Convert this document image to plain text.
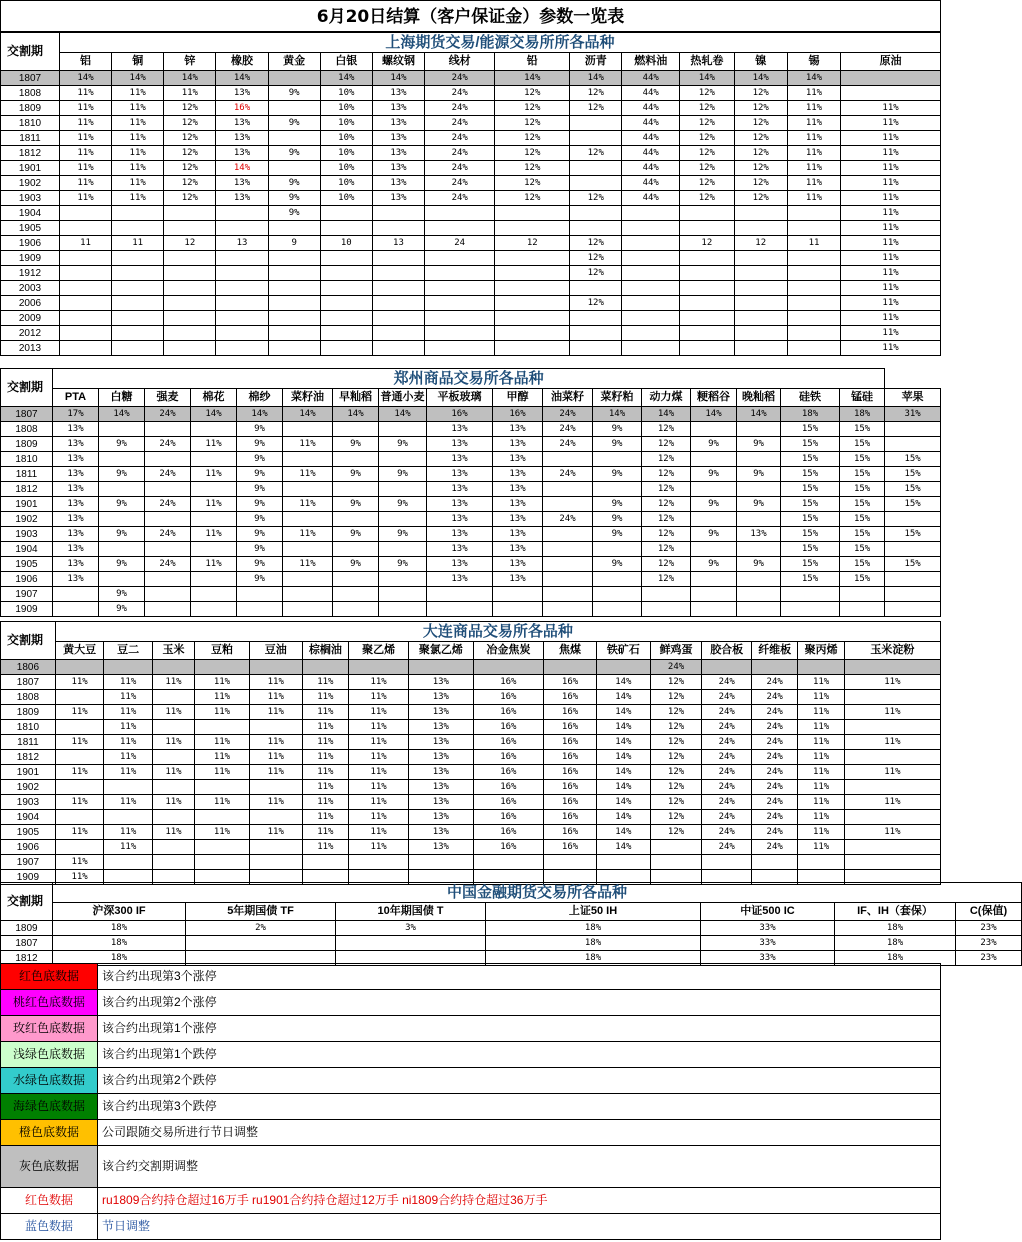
6月20日结算（客户保证金）参数一览表
交割期	上海期货交易/能源交易所所各品种														
	铝	铜	锌	橡胶	黄金	白银	螺纹钢	线材	铅	沥青	燃料油	热轧卷	镍	锡	原油
1807	14%	14%	14%	14%		14%	14%	24%	14%	14%	44%	14%	14%	14%	
1808	11%	11%	11%	13%	9%	10%	13%	24%	12%	12%	44%	12%	12%	11%	
1809	11%	11%	12%	16%		10%	13%	24%	12%	12%	44%	12%	12%	11%	11%
1810	11%	11%	12%	13%	9%	10%	13%	24%	12%		44%	12%	12%	11%	11%
1811	11%	11%	12%	13%		10%	13%	24%	12%		44%	12%	12%	11%	11%
1812	11%	11%	12%	13%	9%	10%	13%	24%	12%	12%	44%	12%	12%	11%	11%
1901	11%	11%	12%	14%		10%	13%	24%	12%		44%	12%	12%	11%	11%
1902	11%	11%	12%	13%	9%	10%	13%	24%	12%		44%	12%	12%	11%	11%
1903	11%	11%	12%	13%	9%	10%	13%	24%	12%	12%	44%	12%	12%	11%	11%
1904					9%										11%
1905															11%
1906	11	11	12	13	9	10	13	24	12	12%		12	12	11	11%
1909										12%					11%
1912										12%					11%
2003															11%
2006										12%					11%
2009															11%
2012															11%
2013															11%
交割期	郑州商品交易所各品种																	
	PTA	白糖	强麦	棉花	棉纱	菜籽油	早籼稻	普通小麦	平板玻璃	甲醇	油菜籽	菜籽粕	动力煤	粳稻谷	晚籼稻	硅铁	锰硅	苹果
1807	17%	14%	24%	14%	14%	14%	14%	14%	16%	16%	24%	14%	14%	14%	14%	18%	18%	31%
1808	13%				9%				13%	13%	24%	9%	12%			15%	15%	
1809	13%	9%	24%	11%	9%	11%	9%	9%	13%	13%	24%	9%	12%	9%	9%	15%	15%	
1810	13%				9%				13%	13%			12%			15%	15%	15%
1811	13%	9%	24%	11%	9%	11%	9%	9%	13%	13%	24%	9%	12%	9%	9%	15%	15%	15%
1812	13%				9%				13%	13%			12%			15%	15%	15%
1901	13%	9%	24%	11%	9%	11%	9%	9%	13%	13%		9%	12%	9%	9%	15%	15%	15%
1902	13%				9%				13%	13%	24%	9%	12%			15%	15%	
1903	13%	9%	24%	11%	9%	11%	9%	9%	13%	13%		9%	12%	9%	13%	15%	15%	15%
1904	13%				9%				13%	13%			12%			15%	15%	
1905	13%	9%	24%	11%	9%	11%	9%	9%	13%	13%		9%	12%	9%	9%	15%	15%	15%
1906	13%				9%				13%	13%			12%			15%	15%	
1907		9%																
1909		9%																
交割期	大连商品交易所各品种															
	黄大豆	豆二	玉米	豆粕	豆油	棕榈油	聚乙烯	聚氯乙烯	冶金焦炭	焦煤	铁矿石	鲜鸡蛋	胶合板	纤维板	聚丙烯	玉米淀粉
1806												24%				
1807	11%	11%	11%	11%	11%	11%	11%	13%	16%	16%	14%	12%	24%	24%	11%	11%
1808		11%		11%	11%	11%	11%	13%	16%	16%	14%	12%	24%	24%	11%	
1809	11%	11%	11%	11%	11%	11%	11%	13%	16%	16%	14%	12%	24%	24%	11%	11%
1810		11%				11%	11%	13%	16%	16%	14%	12%	24%	24%	11%	
1811	11%	11%	11%	11%	11%	11%	11%	13%	16%	16%	14%	12%	24%	24%	11%	11%
1812		11%		11%	11%	11%	11%	13%	16%	16%	14%	12%	24%	24%	11%	
1901	11%	11%	11%	11%	11%	11%	11%	13%	16%	16%	14%	12%	24%	24%	11%	11%
1902						11%	11%	13%	16%	16%	14%	12%	24%	24%	11%	
1903	11%	11%	11%	11%	11%	11%	11%	13%	16%	16%	14%	12%	24%	24%	11%	11%
1904						11%	11%	13%	16%	16%	14%	12%	24%	24%	11%	
1905	11%	11%	11%	11%	11%	11%	11%	13%	16%	16%	14%	12%	24%	24%	11%	11%
1906		11%				11%	11%	13%	16%	16%	14%		24%	24%	11%	
1907	11%															
1909	11%															
交割期	中国金融期货交易所各品种						
	沪深300 IF	5年期国债 TF	10年期国债 T	上证50 IH	中证500 IC	IF、IH（套保）	C(保值)
1809	18%	2%	3%	18%	33%	18%	23%
1807	18%			18%	33%	18%	23%
1812	18%			18%	33%	18%	23%
红色底数据	该合约出现第3个涨停
桃红色底数据	该合约出现第2个涨停
玫红色底数据	该合约出现第1个涨停
浅绿色底数据	该合约出现第1个跌停
水绿色底数据	该合约出现第2个跌停
海绿色底数据	该合约出现第3个跌停
橙色底数据	公司跟随交易所进行节日调整
灰色底数据	该合约交割期调整
红色数据	ru1809合约持仓超过16万手 ru1901合约持仓超过12万手 ni1809合约持仓超过36万手
蓝色数据	节日调整
